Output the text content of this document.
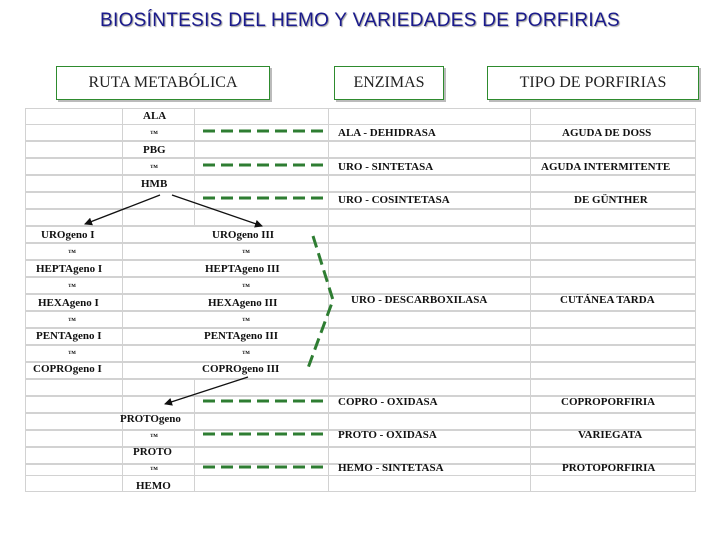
BIOSÍNTESIS DEL HEMO Y VARIEDADES DE PORFIRIAS
RUTA METABÓLICA	ENZIMAS	TIPO DE PORFIRIAS
ALA
™
PBG
™
HMB
UROgeno I
™
HEPTAgeno I
™
HEXAgeno I
™
PENTAgeno I
™
COPROgeno I
UROgeno III
™
HEPTAgeno III
™
HEXAgeno III
™
PENTAgeno III
™
COPROgeno III
PROTOgeno
™
PROTO
™
HEMO
ALA - DEHIDRASA
URO - SINTETASA
URO - COSINTETASA
URO - DESCARBOXILASA
COPRO - OXIDASA
PROTO - OXIDASA
HEMO - SINTETASA
AGUDA DE DOSS
AGUDA INTERMITENTE
DE GÜNTHER
CUTÁNEA TARDA
COPROPORFIRIA
VARIEGATA
PROTOPORFIRIA
